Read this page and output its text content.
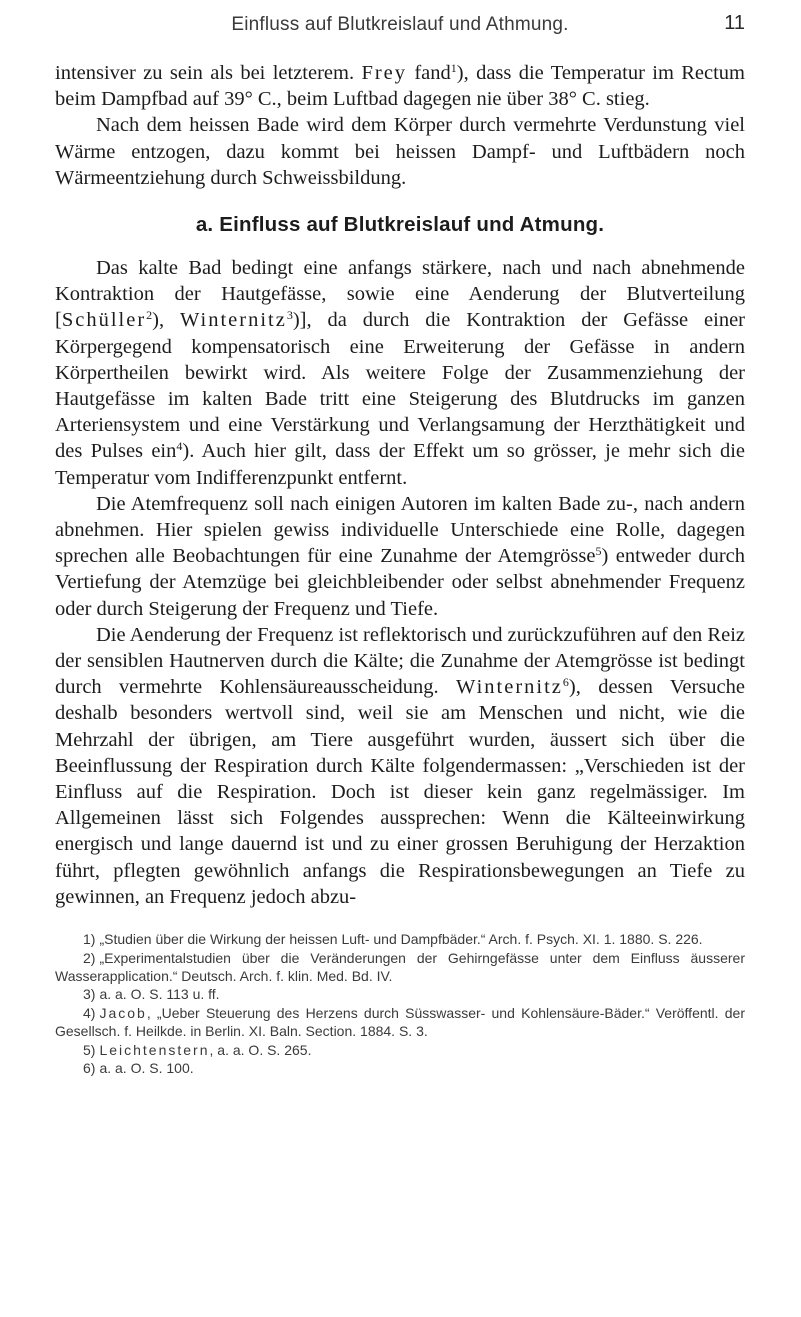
Einfluss auf Blutkreislauf und Athmung.	11

intensiver zu sein als bei letzterem. Frey fand$^1$), dass die Temperatur im Rectum beim Dampfbad auf 39° C., beim Luftbad dagegen nie über 38° C. stieg.

Nach dem heissen Bade wird dem Körper durch vermehrte Verdunstung viel Wärme entzogen, dazu kommt bei heissen Dampf- und Luftbädern noch Wärmeentziehung durch Schweissbildung.

a. Einfluss auf Blutkreislauf und Atmung.

Das kalte Bad bedingt eine anfangs stärkere, nach und nach abnehmende Kontraktion der Hautgefässe, sowie eine Aenderung der Blutverteilung [Schüller$^2$), Winternitz$^3$)], da durch die Kontraktion der Gefässe einer Körpergegend kompensatorisch eine Erweiterung der Gefässe in andern Körpertheilen bewirkt wird. Als weitere Folge der Zusammenziehung der Hautgefässe im kalten Bade tritt eine Steigerung des Blutdrucks im ganzen Arteriensystem und eine Verstärkung und Verlangsamung der Herzthätigkeit und des Pulses ein$^4$). Auch hier gilt, dass der Effekt um so grösser, je mehr sich die Temperatur vom Indifferenzpunkt entfernt.

Die Atemfrequenz soll nach einigen Autoren im kalten Bade zu-, nach andern abnehmen. Hier spielen gewiss individuelle Unterschiede eine Rolle, dagegen sprechen alle Beobachtungen für eine Zunahme der Atemgrösse$^5$) entweder durch Vertiefung der Atemzüge bei gleichbleibender oder selbst abnehmender Frequenz oder durch Steigerung der Frequenz und Tiefe.

Die Aenderung der Frequenz ist reflektorisch und zurückzuführen auf den Reiz der sensiblen Hautnerven durch die Kälte; die Zunahme der Atemgrösse ist bedingt durch vermehrte Kohlensäureausscheidung. Winternitz$^6$), dessen Versuche deshalb besonders wertvoll sind, weil sie am Menschen und nicht, wie die Mehrzahl der übrigen, am Tiere ausgeführt wurden, äussert sich über die Beeinflussung der Respiration durch Kälte folgendermassen: „Verschieden ist der Einfluss auf die Respiration. Doch ist dieser kein ganz regelmässiger. Im Allgemeinen lässt sich Folgendes aussprechen: Wenn die Kälteeinwirkung energisch und lange dauernd ist und zu einer grossen Beruhigung der Herzaktion führt, pflegten gewöhnlich anfangs die Respirationsbewegungen an Tiefe zu gewinnen, an Frequenz jedoch abzu-

1) „Studien über die Wirkung der heissen Luft- und Dampfbäder.“ Arch. f. Psych. XI. 1. 1880. S. 226.

2) „Experimentalstudien über die Veränderungen der Gehirngefässe unter dem Einfluss äusserer Wasserapplication.“ Deutsch. Arch. f. klin. Med. Bd. IV.

3) a. a. O. S. 113 u. ff.

4) Jacob, „Ueber Steuerung des Herzens durch Süsswasser- und Kohlensäure-Bäder.“ Veröffentl. der Gesellsch. f. Heilkde. in Berlin. XI. Baln. Section. 1884. S. 3.

5) Leichtenstern, a. a. O. S. 265.

6) a. a. O. S. 100.
